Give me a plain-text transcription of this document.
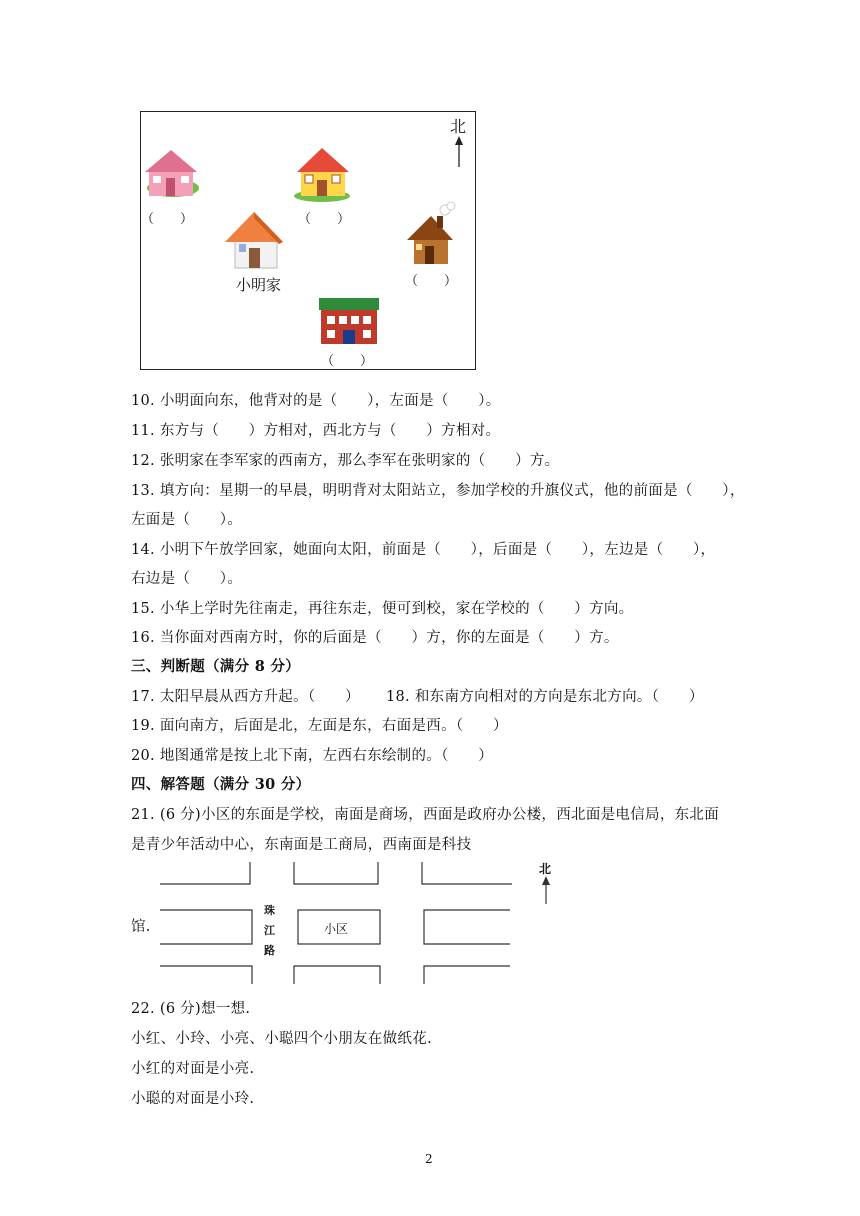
北
（　　）	（　　）
（　　）
小明家
（　　）
10. 小明面向东，他背对的是（　　），左面是（　　）。
11. 东方与（　　）方相对，西北方与（　　）方相对。
12. 张明家在李军家的西南方，那么李军在张明家的（　　）方。
13. 填方向：星期一的早晨，明明背对太阳站立，参加学校的升旗仪式，他的前面是（　　），
左面是（　　）。
14. 小明下午放学回家，她面向太阳，前面是（　　），后面是（　　），左边是（　　），
右边是（　　）。
15. 小华上学时先往南走，再往东走，便可到校，家在学校的（　　）方向。
16. 当你面对西南方时，你的后面是（　　）方，你的左面是（　　）方。
三、判断题（满分 8 分）
17. 太阳早晨从西方升起。（　　） 18. 和东南方向相对的方向是东北方向。（　　）
19. 面向南方，后面是北，左面是东，右面是西。（　　）
20. 地图通常是按上北下南，左西右东绘制的。（　　）
四、解答题（满分 30 分）
21. (6 分)小区的东面是学校，南面是商场，西面是政府办公楼，西北面是电信局，东北面
是青少年活动中心，东南面是工商局，西南面是科技
馆.
北
珠
江
路
小区
22. (6 分)想一想.
小红、小玲、小亮、小聪四个小朋友在做纸花.
小红的对面是小亮.
小聪的对面是小玲.
2
